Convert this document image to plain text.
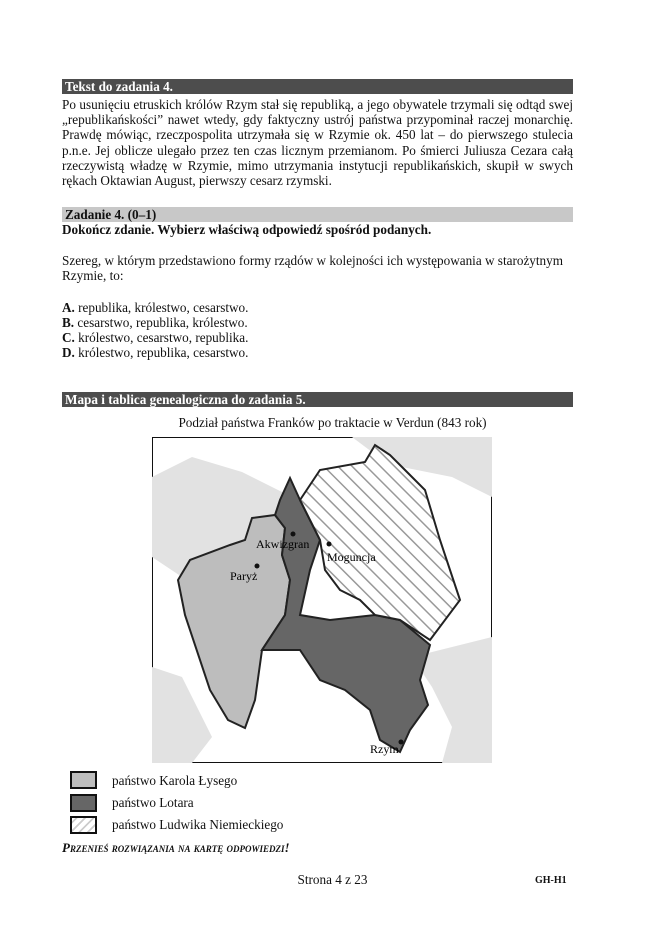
Tekst do zadania 4.
Po usunięciu etruskich królów Rzym stał się republiką, a jego obywatele trzymali się odtąd swej „republikańskości” nawet wtedy, gdy faktyczny ustrój państwa przypominał raczej monarchię. Prawdę mówiąc, rzeczpospolita utrzymała się w Rzymie ok. 450 lat – do pierwszego stulecia p.n.e. Jej oblicze ulegało przez ten czas licznym przemianom. Po śmierci Juliusza Cezara całą rzeczywistą władzę w Rzymie, mimo utrzymania instytucji republikańskich, skupił w swych rękach Oktawian August, pierwszy cesarz rzymski.
Zadanie 4. (0–1)
Dokończ zdanie. Wybierz właściwą odpowiedź spośród podanych.
Szereg, w którym przedstawiono formy rządów w kolejności ich występowania w starożytnym Rzymie, to:
A. republika, królestwo, cesarstwo.
B. cesarstwo, republika, królestwo.
C. królestwo, cesarstwo, republika.
D. królestwo, republika, cesarstwo.
Mapa i tablica genealogiczna do zadania 5.
Podział państwa Franków po traktacie w Verdun (843 rok)
Akwizgran
Moguncja
Paryż
Rzym
państwo Karola Łysego
państwo Lotara
państwo Ludwika Niemieckiego
Przenieś rozwiązania na kartę odpowiedzi!
Strona 4 z 23	GH-H1
